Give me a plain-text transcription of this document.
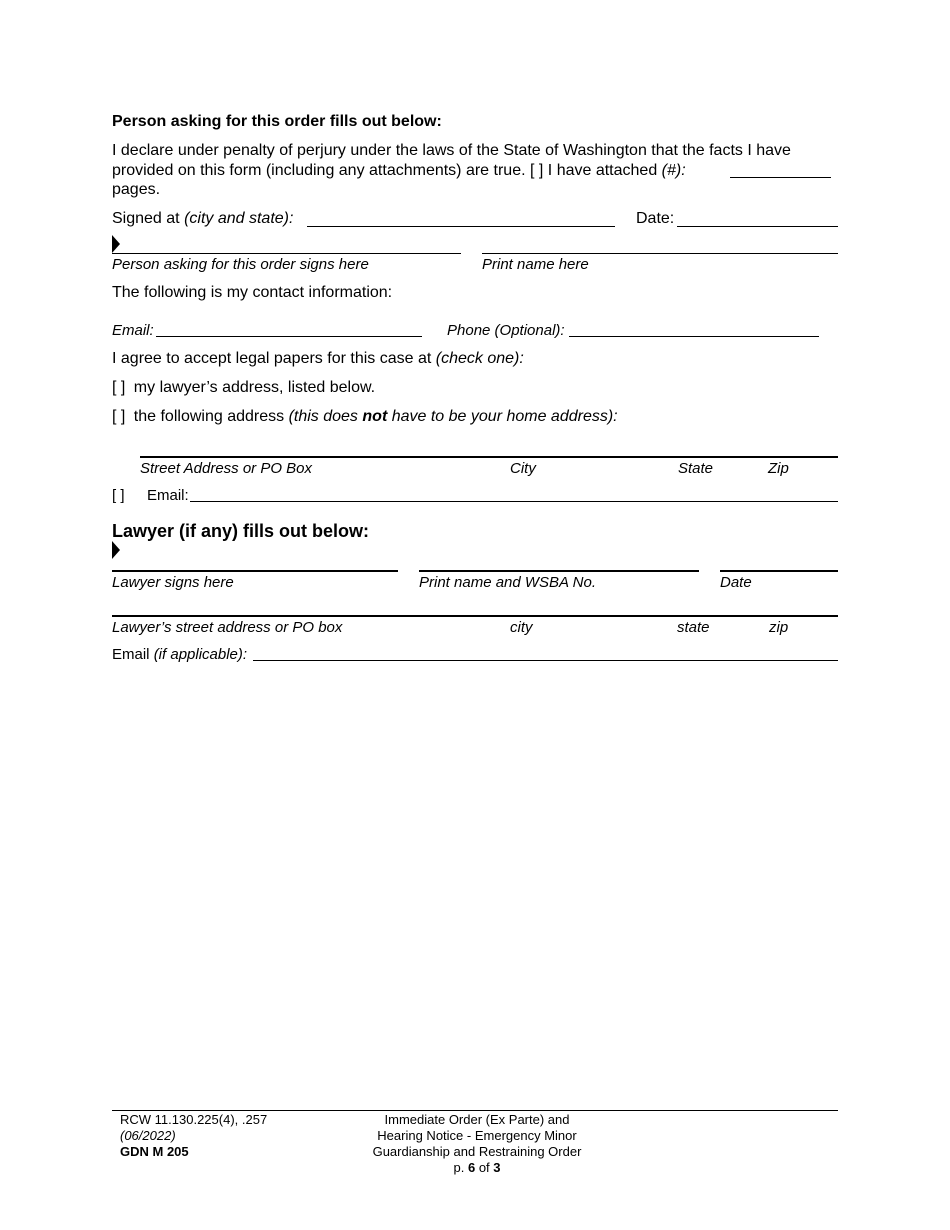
Person asking for this order fills out below:
I declare under penalty of perjury under the laws of the State of Washington that the facts I have
provided on this form (including any attachments) are true. [ ] I have attached (#):
pages.
Signed at (city and state):	Date:
Person asking for this order signs here	Print name here
The following is my contact information:
Email:	Phone (Optional):
I agree to accept legal papers for this case at (check one):
[ ] my lawyer’s address, listed below.
[ ] the following address (this does not have to be your home address):
Street Address or PO Box	City	State	Zip
[ ] Email:
Lawyer (if any) fills out below:
Lawyer signs here	Print name and WSBA No.	Date
Lawyer’s street address or PO box	city	state	zip
Email (if applicable):
RCW 11.130.225(4), .257
(06/2022)
GDN M 205
Immediate Order (Ex Parte) and
Hearing Notice - Emergency Minor
Guardianship and Restraining Order
p. 6 of 3
